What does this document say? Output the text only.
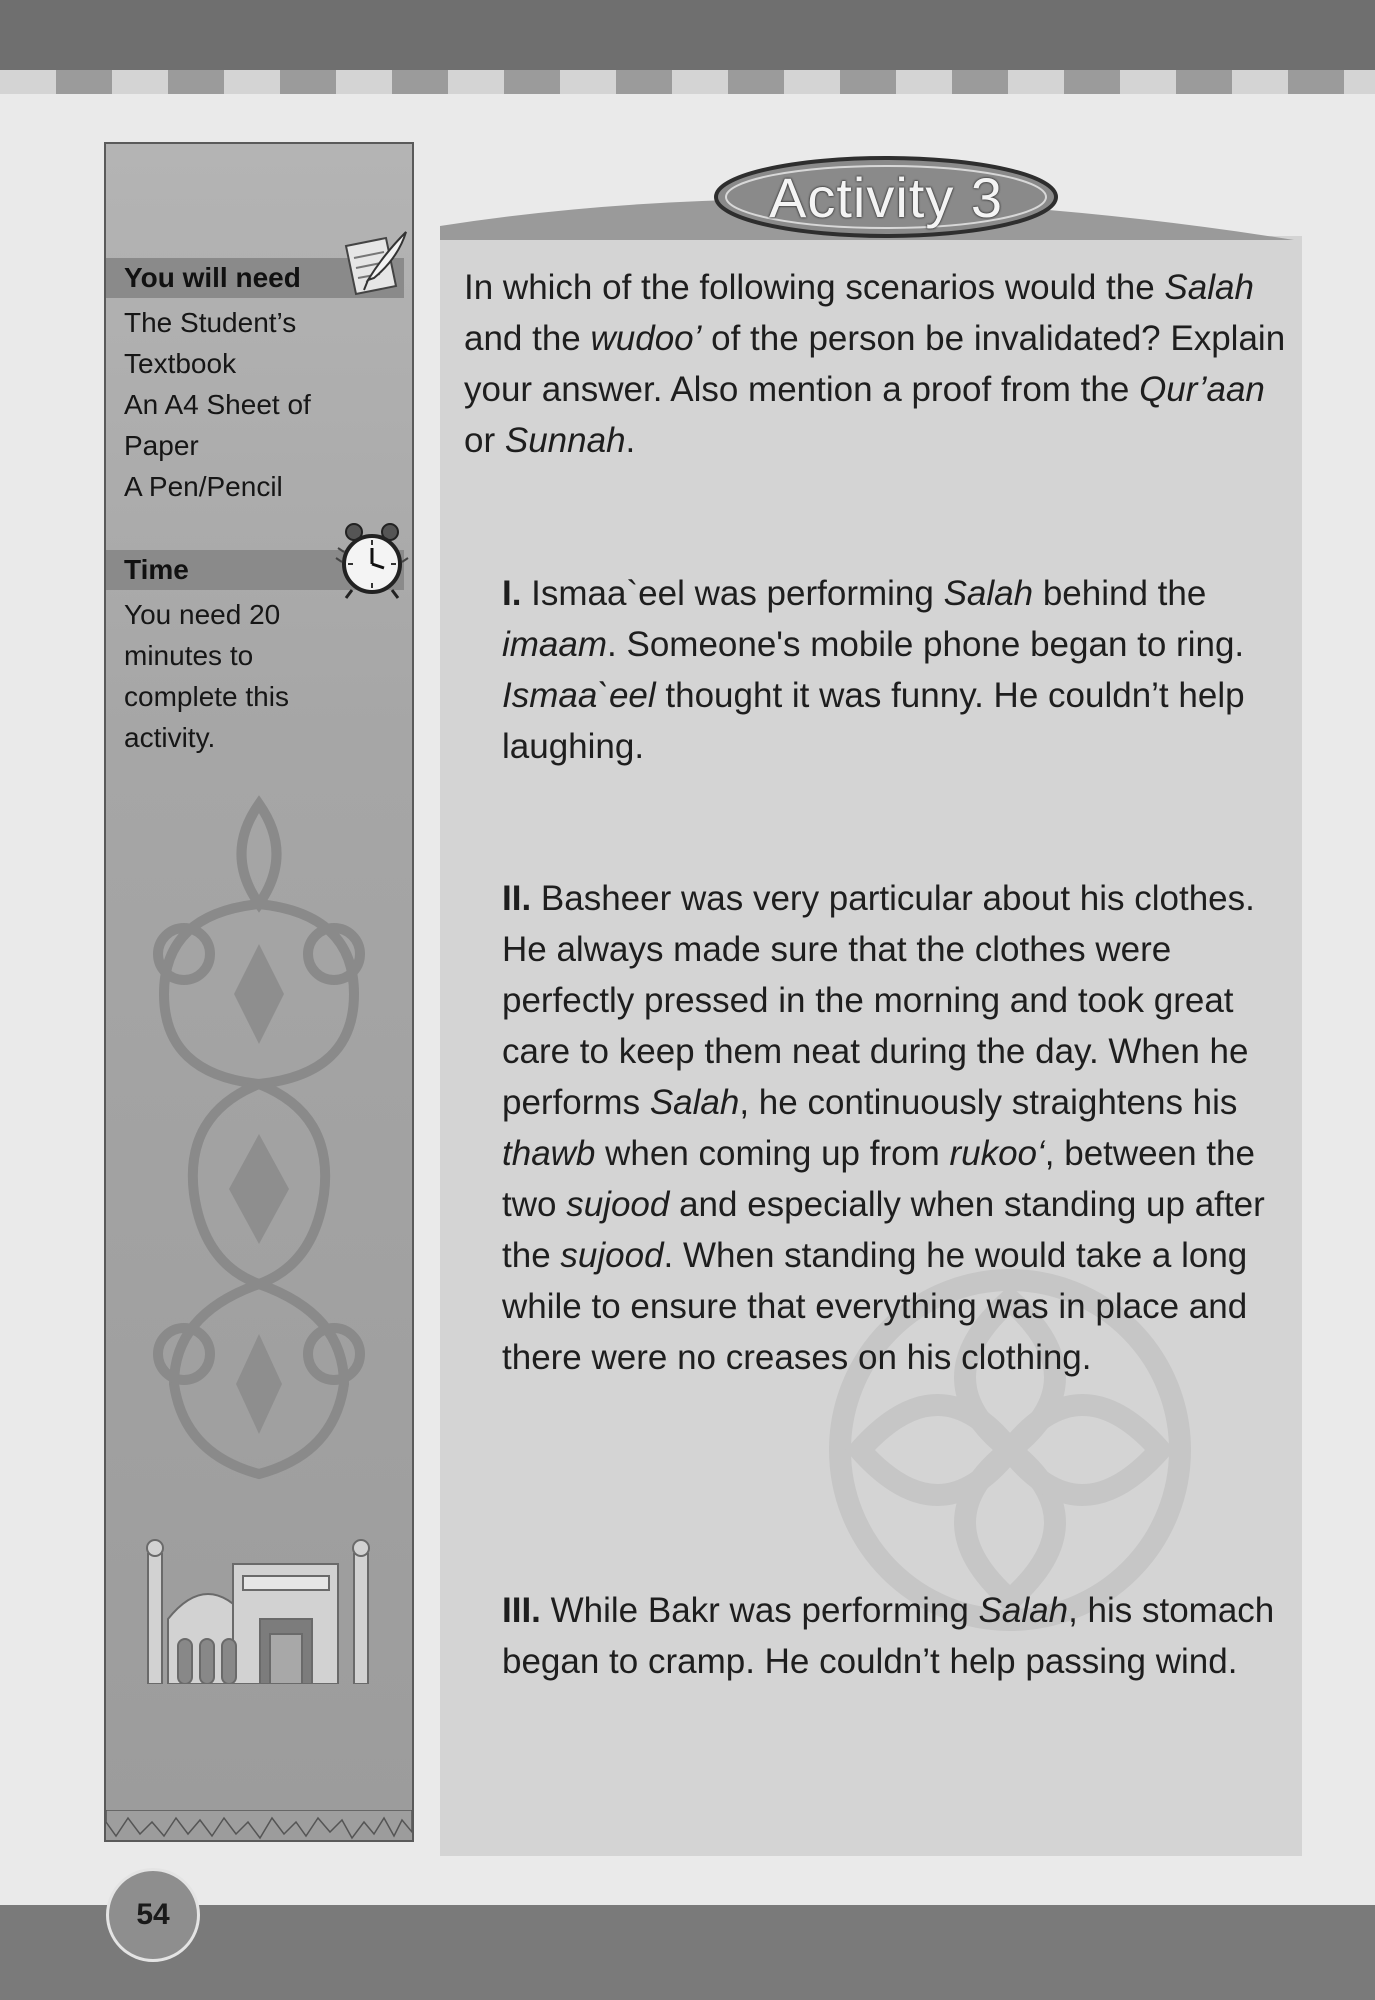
54
You will need
The Student’s
Textbook
An A4 Sheet of
Paper
A Pen/Pencil
Time
You need 20
minutes to
complete this
activity.
Activity 3

In which of the following scenarios would the Salah and the wudoo’ of the person be invalidated? Explain your answer. Also mention a proof from the Qur’aan or Sunnah.

I. Ismaa`eel was performing Salah behind the imaam. Someone's mobile phone began to ring. Ismaa`eel thought it was funny. He couldn’t help laughing.

II. Basheer was very particular about his clothes. He always made sure that the clothes were perfectly pressed in the morning and took great care to keep them neat during the day. When he performs Salah, he continuously straightens his thawb when coming up from rukoo‘, between the two sujood and especially when standing up after the sujood. When standing he would take a long while to ensure that everything was in place and there were no creases on his clothing.

III. While Bakr was performing Salah, his stomach began to cramp. He couldn’t help passing wind.
